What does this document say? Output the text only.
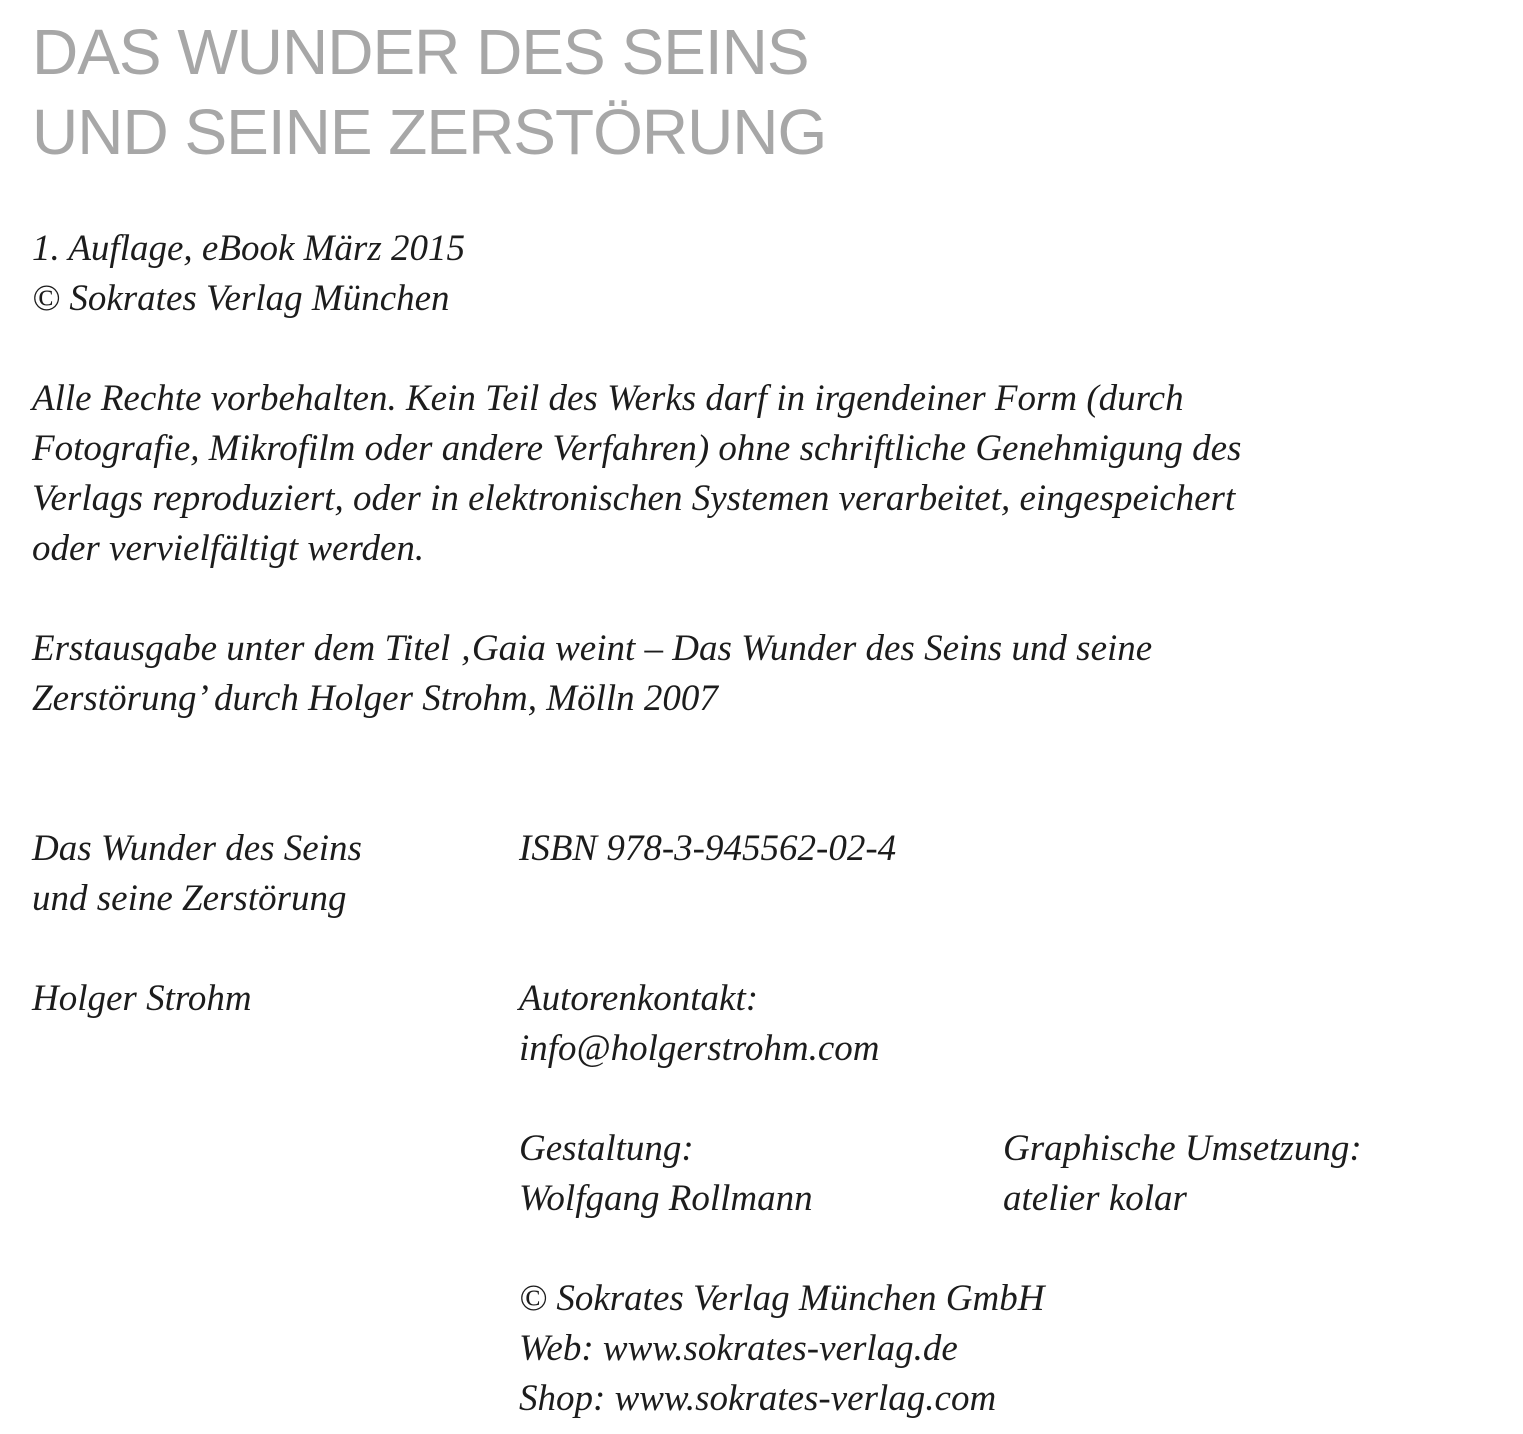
DAS WUNDER DES SEINS
UND SEINE ZERSTÖRUNG

1. Auflage, eBook März 2015

© Sokrates Verlag München

Alle Rechte vorbehalten. Kein Teil des Werks darf in irgendeiner Form (durch

Fotografie, Mikrofilm oder andere Verfahren) ohne schriftliche Genehmigung des

Verlags reproduziert, oder in elektronischen Systemen verarbeitet, eingespeichert

oder vervielfältigt werden.

Erstausgabe unter dem Titel ‚Gaia weint – Das Wunder des Seins und seine

Zerstörung’ durch Holger Strohm, Mölln 2007

Das Wunder des Seins

und seine Zerstörung

ISBN 978-3-945562-02-4

Holger Strohm	Autorenkontakt:

info@holgerstrohm.com

Gestaltung:

Wolfgang Rollmann

Graphische Umsetzung:

atelier kolar

© Sokrates Verlag München GmbH

Web: www.sokrates-verlag.de

Shop: www.sokrates-verlag.com
